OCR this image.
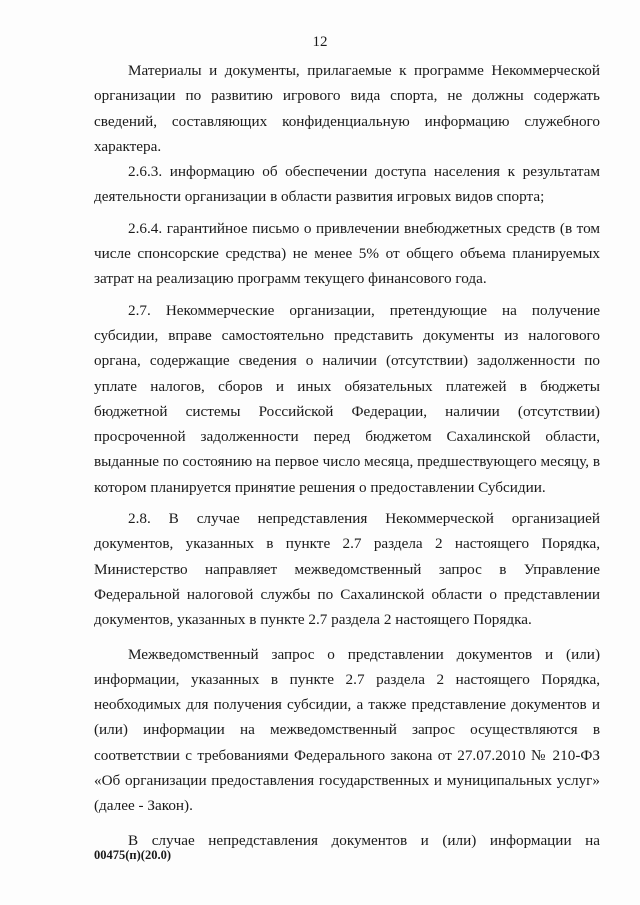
12

Материалы и документы, прилагаемые к программе Некоммерческой организации по развитию игрового вида спорта, не должны содержать сведений, составляющих конфиденциальную информацию служебного характера.

2.6.3. информацию об обеспечении доступа населения к результатам деятельности организации в области развития игровых видов спорта;

2.6.4. гарантийное письмо о привлечении внебюджетных средств (в том числе спонсорские средства) не менее 5% от общего объема планируемых затрат на реализацию программ текущего финансового года.

2.7. Некоммерческие организации, претендующие на получение субсидии, вправе самостоятельно представить документы из налогового органа, содержащие сведения о наличии (отсутствии) задолженности по уплате налогов, сборов и иных обязательных платежей в бюджеты бюджетной системы Российской Федерации, наличии (отсутствии) просроченной задолженности перед бюджетом Сахалинской области, выданные по состоянию на первое число месяца, предшествующего месяцу, в котором планируется принятие решения о предоставлении Субсидии.

2.8. В случае непредставления Некоммерческой организацией документов, указанных в пункте 2.7 раздела 2 настоящего Порядка, Министерство направляет межведомственный запрос в Управление Федеральной налоговой службы по Сахалинской области о представлении документов, указанных в пункте 2.7 раздела 2 настоящего Порядка.

Межведомственный запрос о представлении документов и (или) информации, указанных в пункте 2.7 раздела 2 настоящего Порядка, необходимых для получения субсидии, а также представление документов и (или) информации на межведомственный запрос осуществляются в соответствии с требованиями Федерального закона от 27.07.2010 № 210-ФЗ «Об организации предоставления государственных и муниципальных услуг» (далее - Закон).

В случае непредставления документов и (или) информации на

00475(п)(20.0)
